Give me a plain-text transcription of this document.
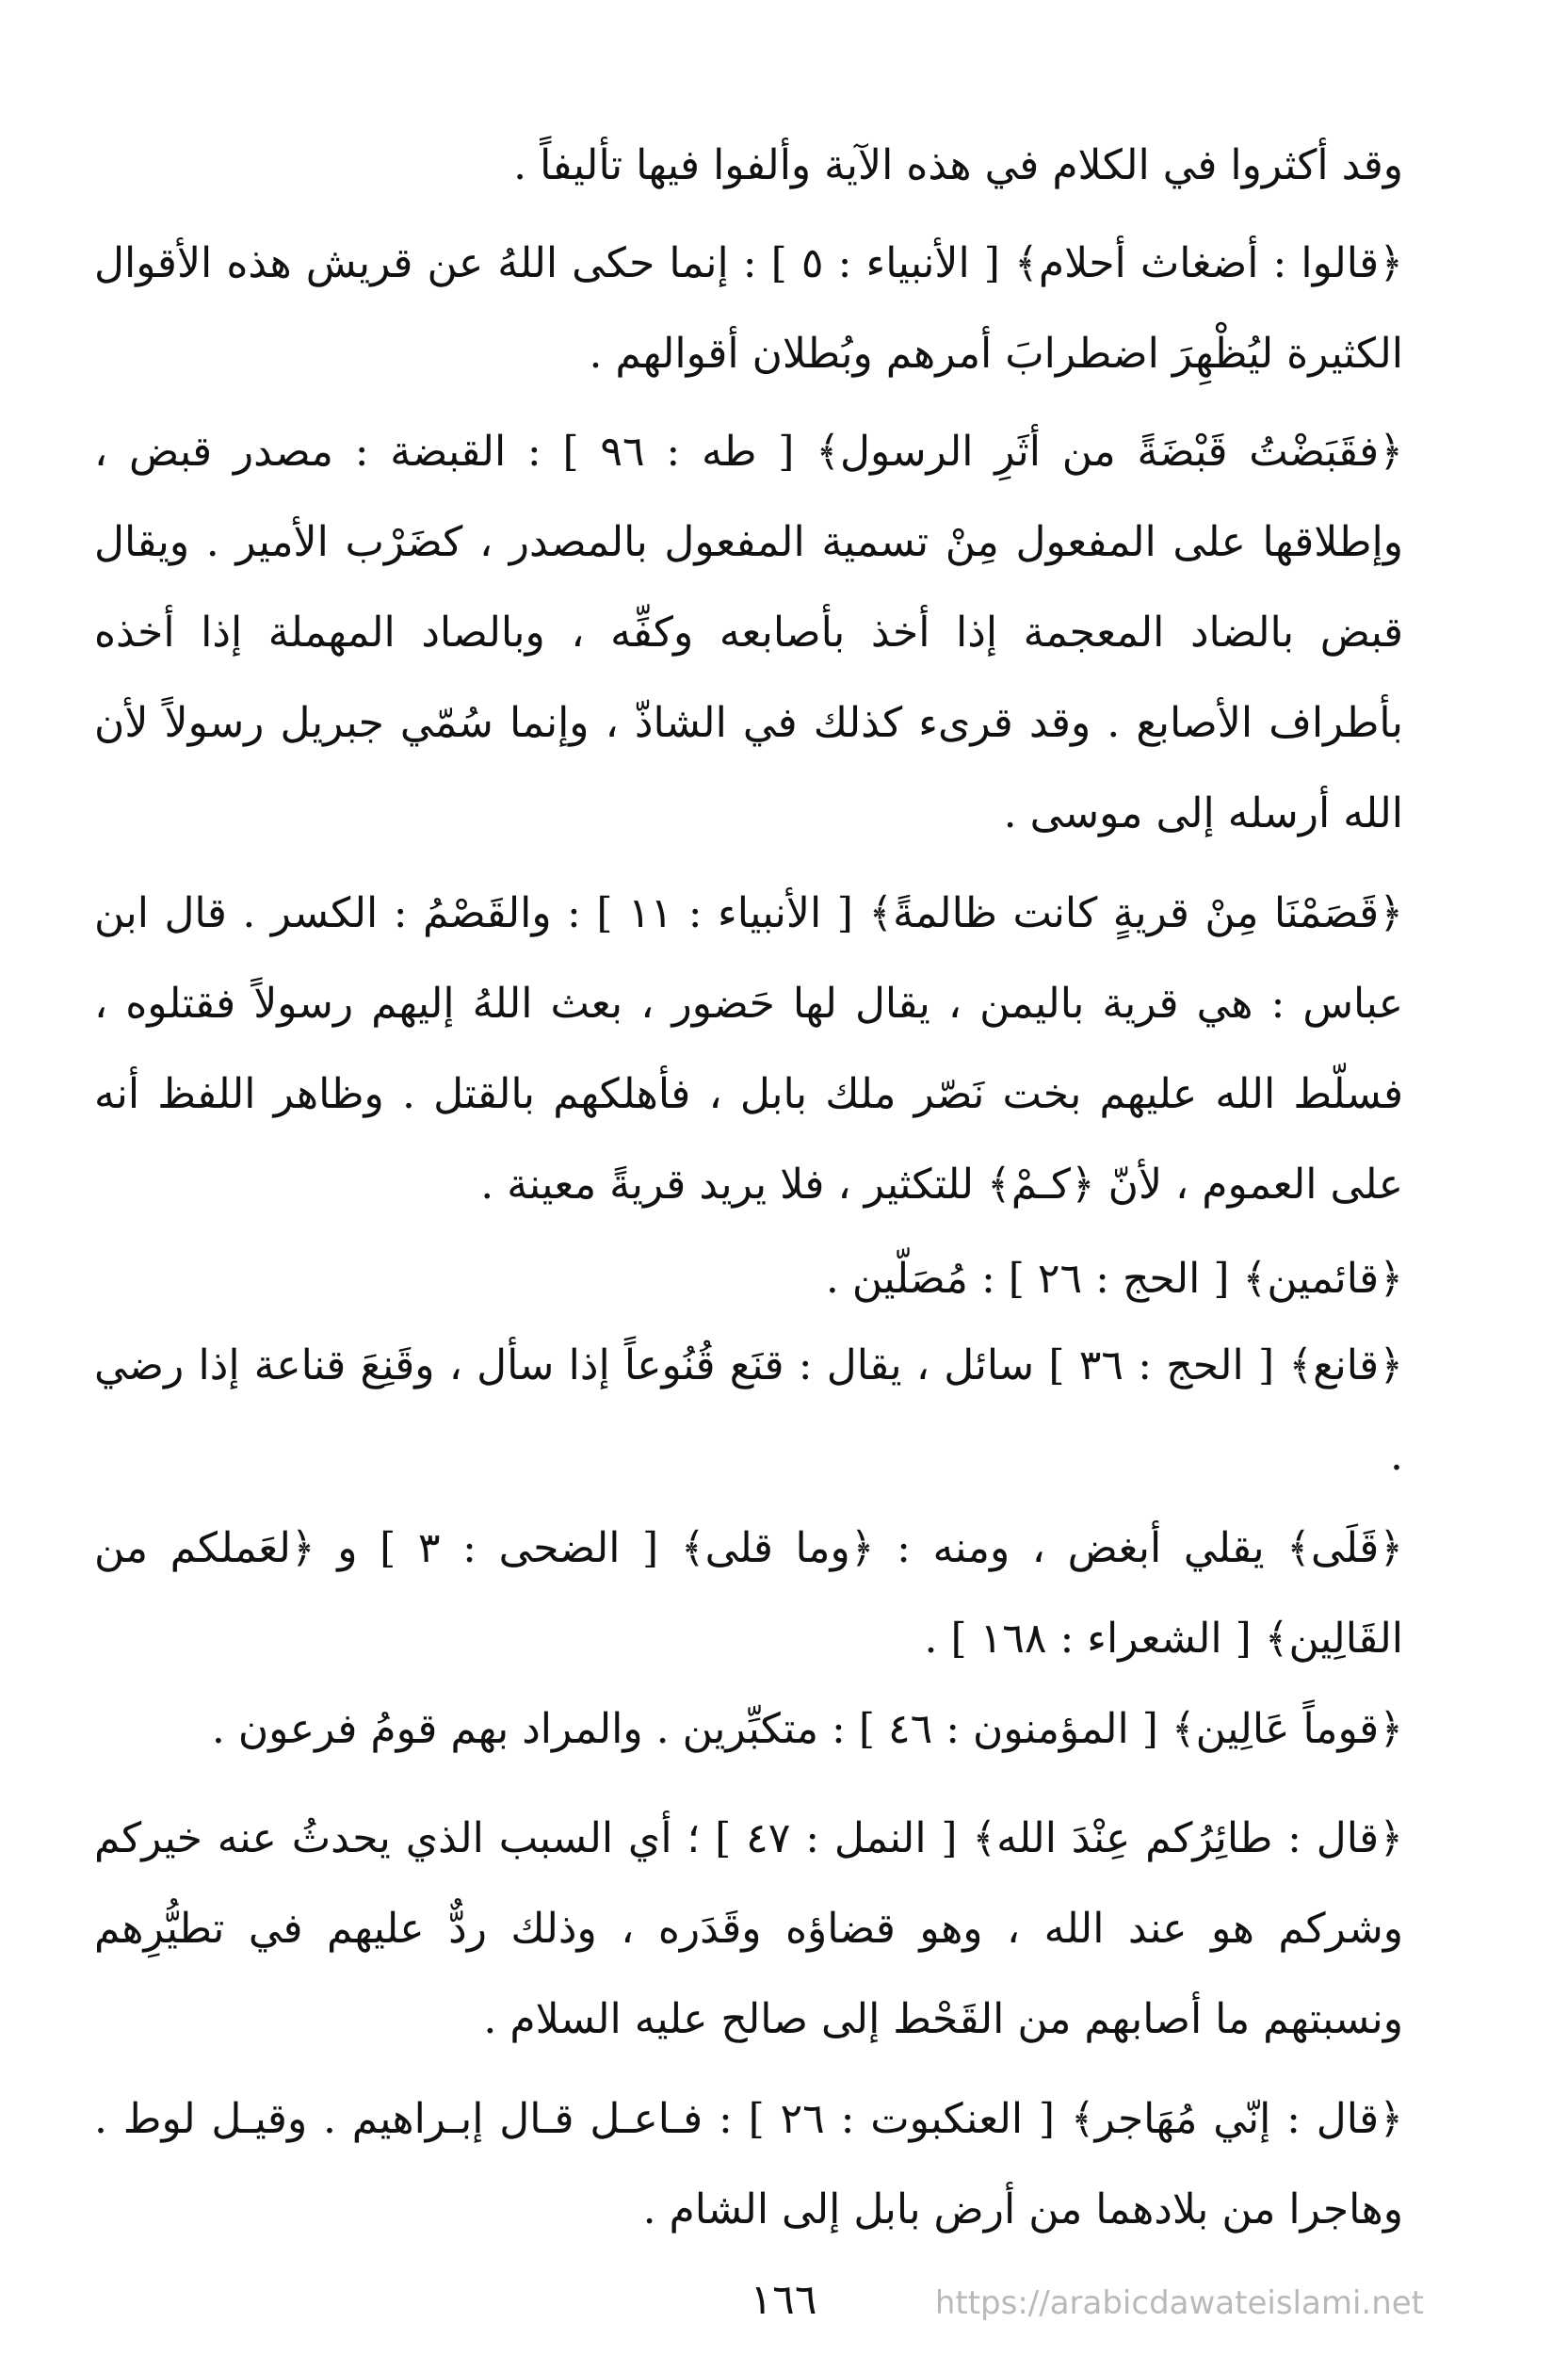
وقد أكثروا في الكلام في هذه الآية وألفوا فيها تأليفاً .

﴿قالوا : أضغاث أحلام﴾ [ الأنبياء : ٥ ] : إنما حكى اللهُ عن قريش هذه الأقوال الكثيرة ليُظْهِرَ اضطرابَ أمرهم وبُطلان أقوالهم .

﴿فقَبَضْتُ قَبْضَةً من أثَرِ الرسول﴾ [ طه : ٩٦ ] : القبضة : مصدر قبض ، وإطلاقها على المفعول مِنْ تسمية المفعول بالمصدر ، كضَرْب الأمير . ويقال قبض بالضاد المعجمة إذا أخذ بأصابعه وكفِّه ، وبالصاد المهملة إذا أخذه بأطراف الأصابع . وقد قرىء كذلك في الشاذّ ، وإنما سُمّي جبريل رسولاً لأن الله أرسله إلى موسى .

﴿قَصَمْنَا مِنْ قريةٍ كانت ظالمةً﴾ [ الأنبياء : ١١ ] : والقَصْمُ : الكسر . قال ابن عباس : هي قرية باليمن ، يقال لها حَضور ، بعث اللهُ إليهم رسولاً فقتلوه ، فسلّط الله عليهم بخت نَصّر ملك بابل ، فأهلكهم بالقتل . وظاهر اللفظ أنه على العموم ، لأنّ ﴿كـمْ﴾ للتكثير ، فلا يريد قريةً معينة .

﴿قائمين﴾ [ الحج : ٢٦ ] : مُصَلّين .

﴿قانع﴾ [ الحج : ٣٦ ] سائل ، يقال : قنَع قُنُوعاً إذا سأل ، وقَنِعَ قناعة إذا رضي .

﴿قَلَى﴾ يقلي أبغض ، ومنه : ﴿وما قلى﴾ [ الضحى : ٣ ] و ﴿لعَملكم من القَالِين﴾ [ الشعراء : ١٦٨ ] .

﴿قوماً عَالِين﴾ [ المؤمنون : ٤٦ ] : متكبِّرين . والمراد بهم قومُ فرعون .

﴿قال : طائِرُكم عِنْدَ الله﴾ [ النمل : ٤٧ ] ؛ أي السبب الذي يحدثُ عنه خيركم وشركم هو عند الله ، وهو قضاؤه وقَدَره ، وذلك ردٌّ عليهم في تطيُّرِهم ونسبتهم ما أصابهم من القَحْط إلى صالح عليه السلام .

﴿قال : إنّي مُهَاجر﴾ [ العنكبوت : ٢٦ ] : فـاعـل قـال إبـراهيم . وقيـل لوط . وهاجرا من بلادهما من أرض بابل إلى الشام .

١٦٦	https://arabicdawateislami.net
